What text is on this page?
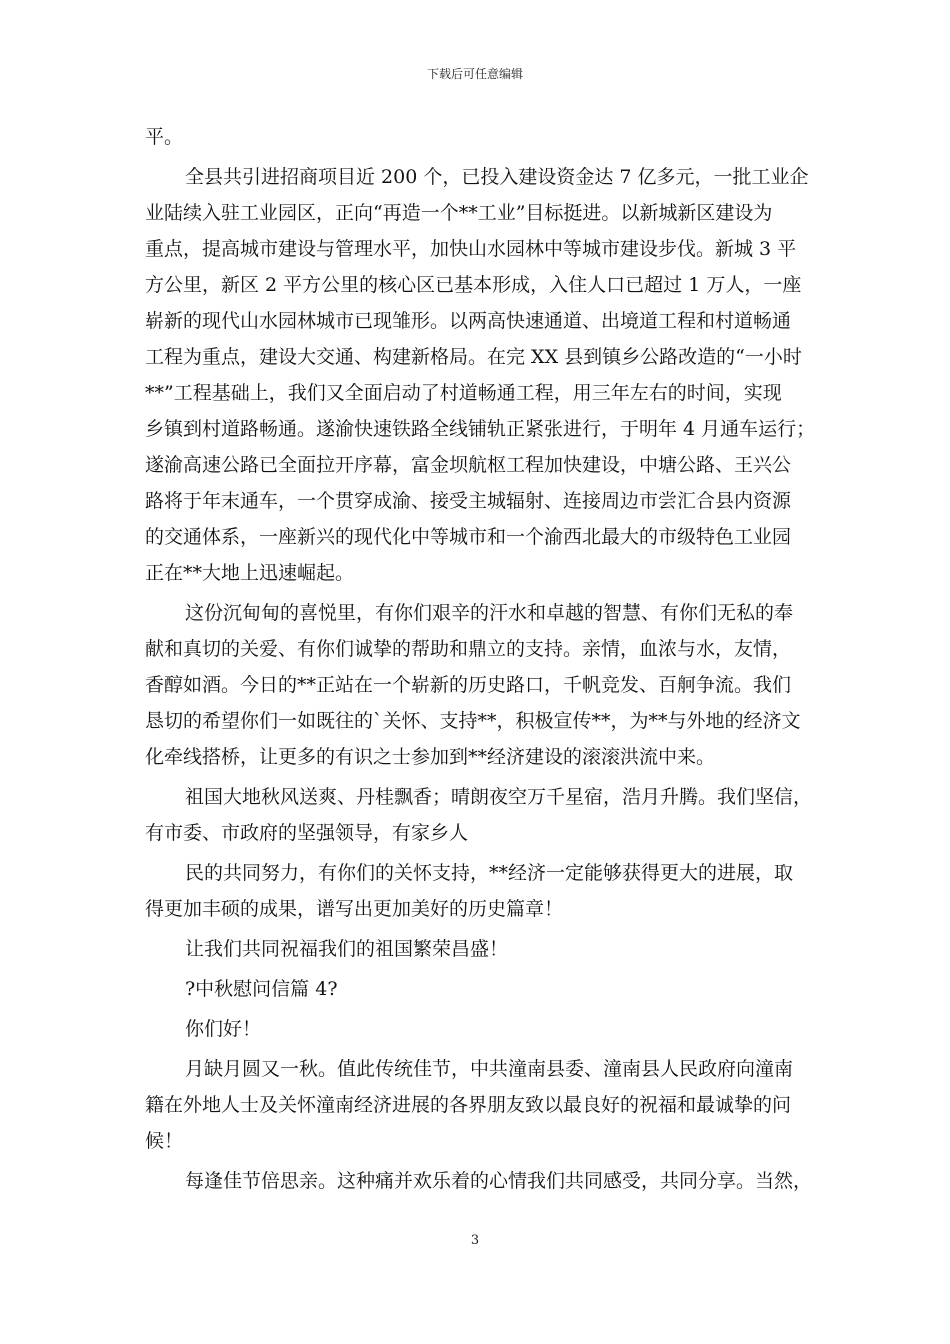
下载后可任意编辑
平。
全县共引进招商项目近 200 个，已投入建设资金达 7 亿多元，一批工业企
业陆续入驻工业园区，正向“再造一个**工业”目标挺进。以新城新区建设为
重点，提高城市建设与管理水平，加快山水园林中等城市建设步伐。新城 3 平
方公里，新区 2 平方公里的核心区已基本形成，入住人口已超过 1 万人，一座
崭新的现代山水园林城市已现雏形。以两高快速通道、出境道工程和村道畅通
工程为重点，建设大交通、构建新格局。在完 XX 县到镇乡公路改造的“一小时
**”工程基础上，我们又全面启动了村道畅通工程，用三年左右的时间，实现
乡镇到村道路畅通。遂渝快速铁路全线铺轨正紧张进行，于明年 4 月通车运行；
遂渝高速公路已全面拉开序幕，富金坝航枢工程加快建设，中塘公路、王兴公
路将于年末通车，一个贯穿成渝、接受主城辐射、连接周边市尝汇合县内资源
的交通体系，一座新兴的现代化中等城市和一个渝西北最大的市级特色工业园
正在**大地上迅速崛起。
这份沉甸甸的喜悦里，有你们艰辛的汗水和卓越的智慧、有你们无私的奉
献和真切的关爱、有你们诚挚的帮助和鼎立的支持。亲情，血浓与水，友情，
香醇如酒。今日的**正站在一个崭新的历史路口，千帆竞发、百舸争流。我们
恳切的希望你们一如既往的`关怀、支持**，积极宣传**，为**与外地的经济文
化牵线搭桥，让更多的有识之士参加到**经济建设的滚滚洪流中来。
祖国大地秋风送爽、丹桂飘香；晴朗夜空万千星宿，浩月升腾。我们坚信，
有市委、市政府的坚强领导，有家乡人
民的共同努力，有你们的关怀支持，**经济一定能够获得更大的进展，取
得更加丰硕的成果，谱写出更加美好的历史篇章！
让我们共同祝福我们的祖国繁荣昌盛！
?中秋慰问信篇 4?
你们好！
月缺月圆又一秋。值此传统佳节，中共潼南县委、潼南县人民政府向潼南
籍在外地人士及关怀潼南经济进展的各界朋友致以最良好的祝福和最诚挚的问
候！
每逢佳节倍思亲。这种痛并欢乐着的心情我们共同感受，共同分享。当然，
3
